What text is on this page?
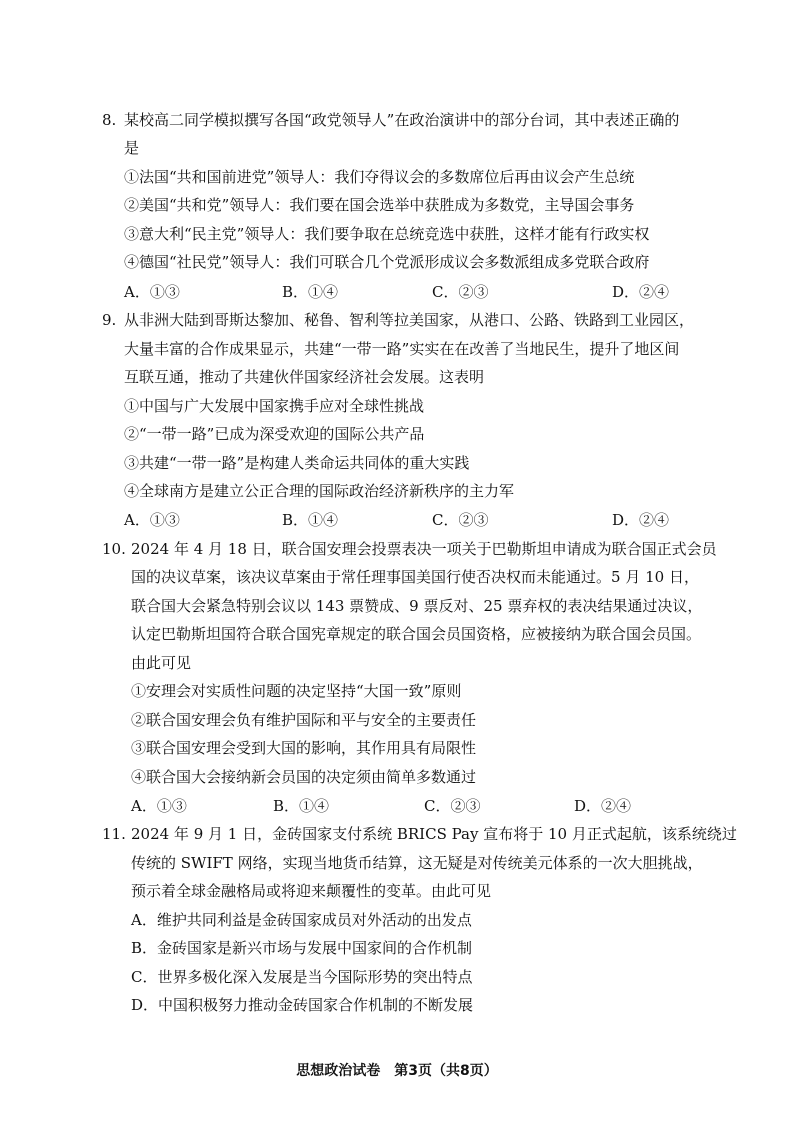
8. 某校高二同学模拟撰写各国“政党领导人”在政治演讲中的部分台词，其中表述正确的
是
①法国“共和国前进党”领导人：我们夺得议会的多数席位后再由议会产生总统
②美国“共和党”领导人：我们要在国会选举中获胜成为多数党，主导国会事务
③意大利“民主党”领导人：我们要争取在总统竞选中获胜，这样才能有行政实权
④德国“社民党”领导人：我们可联合几个党派形成议会多数派组成多党联合政府
A．①③	B．①④	C．②③	D．②④
9. 从非洲大陆到哥斯达黎加、秘鲁、智利等拉美国家，从港口、公路、铁路到工业园区，
大量丰富的合作成果显示，共建“一带一路”实实在在改善了当地民生，提升了地区间
互联互通，推动了共建伙伴国家经济社会发展。这表明
①中国与广大发展中国家携手应对全球性挑战
②“一带一路”已成为深受欢迎的国际公共产品
③共建“一带一路”是构建人类命运共同体的重大实践
④全球南方是建立公正合理的国际政治经济新秩序的主力军
A．①③	B．①④	C．②③	D．②④
10. 2024 年 4 月 18 日，联合国安理会投票表决一项关于巴勒斯坦申请成为联合国正式会员
国的决议草案，该决议草案由于常任理事国美国行使否决权而未能通过。5 月 10 日，
联合国大会紧急特别会议以 143 票赞成、9 票反对、25 票弃权的表决结果通过决议，
认定巴勒斯坦国符合联合国宪章规定的联合国会员国资格，应被接纳为联合国会员国。
由此可见
①安理会对实质性问题的决定坚持“大国一致”原则
②联合国安理会负有维护国际和平与安全的主要责任
③联合国安理会受到大国的影响，其作用具有局限性
④联合国大会接纳新会员国的决定须由简单多数通过
A．①③	B．①④	C．②③	D．②④
11. 2024 年 9 月 1 日，金砖国家支付系统 BRICS Pay 宣布将于 10 月正式起航，该系统绕过
传统的 SWIFT 网络，实现当地货币结算，这无疑是对传统美元体系的一次大胆挑战，
预示着全球金融格局或将迎来颠覆性的变革。由此可见
A．维护共同利益是金砖国家成员对外活动的出发点
B．金砖国家是新兴市场与发展中国家间的合作机制
C．世界多极化深入发展是当今国际形势的突出特点
D．中国积极努力推动金砖国家合作机制的不断发展
思想政治试卷　第3页（共8页）
